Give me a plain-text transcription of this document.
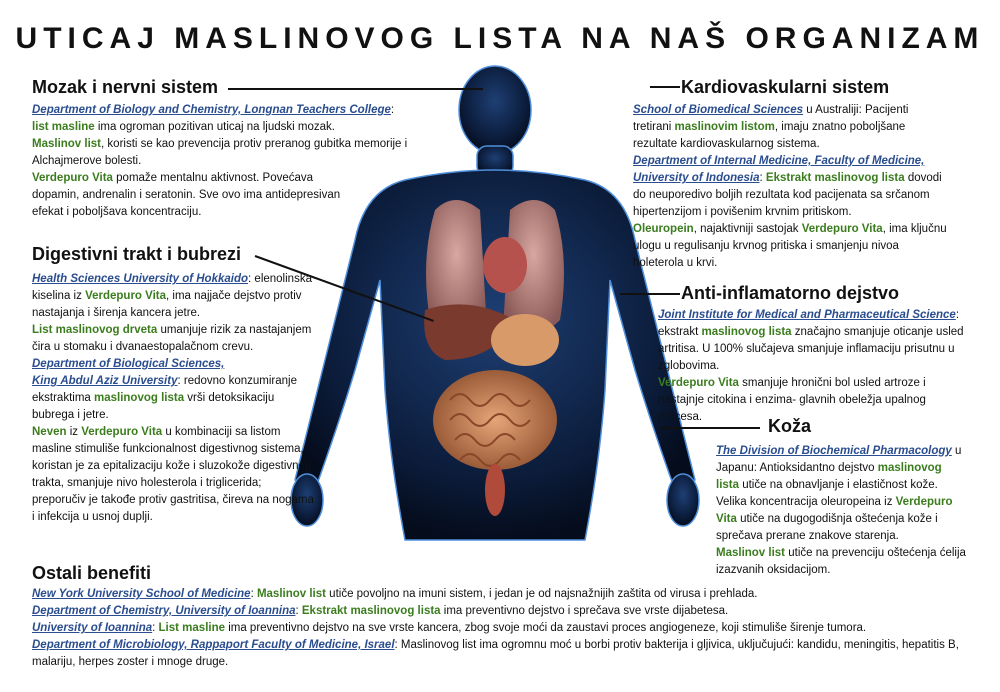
UTICAJ MASLINOVOG LISTA NA NAŠ ORGANIZAM
Mozak i nervni sistem

Department of Biology and Chemistry, Longnan Teachers College:

list masline ima ogroman pozitivan uticaj na ljudski mozak.

Maslinov list, koristi se kao prevencija protiv preranog gubitka memorije i Alchajmerove bolesti.

Verdepuro Vita pomaže mentalnu aktivnost. Povećava dopamin, andrenalin i seratonin. Sve ovo ima antidepresivan efekat i poboljšava koncentraciju.

Digestivni trakt i bubrezi

Health Sciences University of Hokkaido: elenolinska kiselina iz Verdepuro Vita, ima najjače dejstvo protiv nastajanja i širenja kancera jetre.

List maslinovog drveta umanjuje rizik za nastajanjem čira u stomaku i dvanaestopalačnom crevu.

Department of Biological Sciences,
King Abdul Aziz University: redovno konzumiranje ekstraktima maslinovog lista vrši detoksikaciju bubrega i jetre.

Neven iz Verdepuro Vita u kombinaciji sa listom masline stimuliše funkcionalnost digestivnog sistema, koristan je za epitalizaciju kože i sluzokože digestivnog trakta, smanjuje nivo holesterola i triglicerida; preporučiv je takođe protiv gastritisa, čireva na nogama i infekcija u usnoj duplji.

Kardiovaskularni sistem

School of Biomedical Sciences u Australiji: Pacijenti tretirani maslinovim listom, imaju znatno poboljšane rezultate kardiovaskularnog sistema.

Department of Internal Medicine, Faculty of Medicine, University of Indonesia: Ekstrakt maslinovog lista dovodi do neuporedivo boljih rezultata kod pacijenata sa srčanom hipertenzijom i povišenim krvnim pritiskom.

Oleuropein, najaktivniji sastojak Verdepuro Vita, ima ključnu ulogu u regulisanju krvnog pritiska i smanjenju nivoa holeterola u krvi.

Anti-inflamatorno dejstvo

Joint Institute for Medical and Pharmaceutical Science: ekstrakt maslinovog lista značajno smanjuje oticanje usled artritisa. U 100% slučajeva smanjuje inflamaciju prisutnu u zglobovima.

Verdepuro Vita smanjuje hronični bol usled artroze i nastajnje citokina i enzima- glavnih obeležja upalnog procesa.	Koža

The Division of Biochemical Pharmacology u Japanu: Antioksidantno dejstvo maslinovog lista utiče na obnavljanje i elastičnost kože.

Velika koncentracija oleuropeina iz Verdepuro Vita utiče na dugogodišnja oštećenja kože i sprečava prerane znakove starenja.

Maslinov list utiče na prevenciju oštećenja ćelija izazvanih oksidacijom.

Ostali benefiti

New York University School of Medicine: Maslinov list utiče povoljno na imuni sistem, i jedan je od najsnažnijih zaštita od virusa i prehlada.

Department of Chemistry, University of Ioannina: Ekstrakt maslinovog lista ima preventivno dejstvo i sprečava sve vrste dijabetesa.

University of Ioannina: List masline ima preventivno dejstvo na sve vrste kancera, zbog svoje moći da zaustavi proces angiogeneze, koji stimuliše širenje tumora.

Department of Microbiology, Rappaport Faculty of Medicine, Israel: Maslinovog list ima ogromnu moć u borbi protiv bakterija i gljivica, uključujući: kandidu, meningitis, hepatitis B, malariju, herpes zoster i mnoge druge.
